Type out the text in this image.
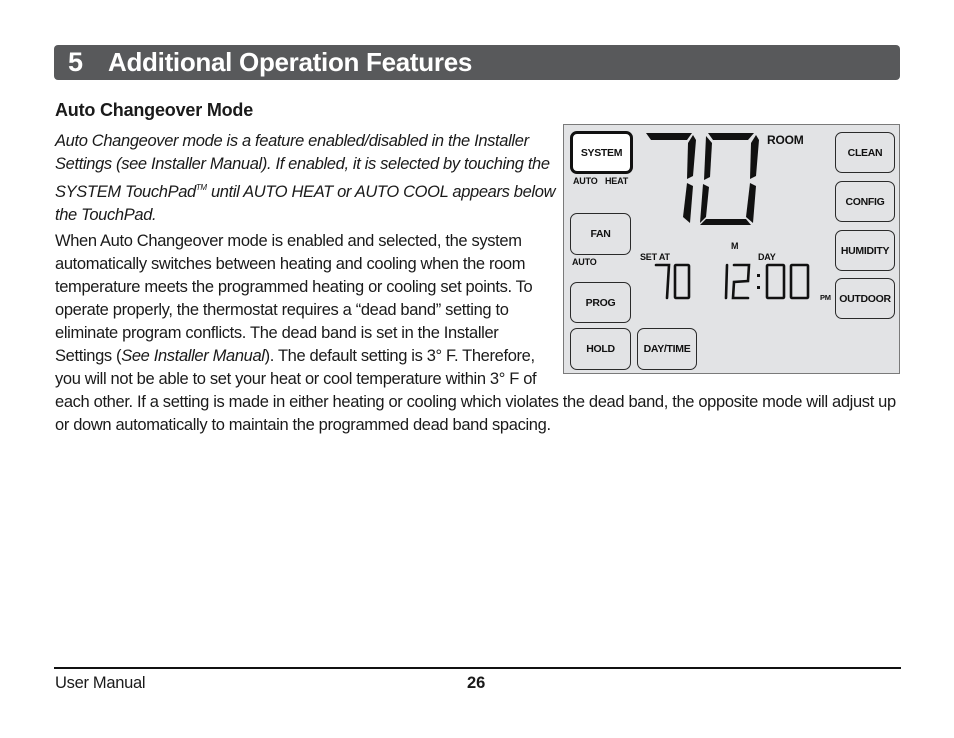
5 Additional Operation Features
Auto Changeover Mode
Auto Changeover mode is a feature enabled/disabled in the Installer Settings (see Installer Manual). If enabled, it is selected by touching the SYSTEM TouchPad™ until AUTO HEAT or AUTO COOL appears below the TouchPad.
When Auto Changeover mode is enabled and selected, the system automatically switches between heating and cooling when the room temperature meets the programmed heating or cooling set points. To operate properly, the thermostat requires a “dead band” setting to eliminate program conflicts. The dead band is set in the Installer Settings (See Installer Manual). The default setting is 3° F. Therefore, you will not be able to set your heat or cool temperature within 3° F of each other. If a setting is made in either heating or cooling which violates the dead band, the opposite mode will adjust up or down automatically to maintain the programmed dead band spacing.
SYSTEM
AUTO HEAT
FAN
AUTO
PROG
HOLD	DAY/TIME
CLEAN
CONFIG
HUMIDITY
OUTDOOR
ROOM
M
SET AT	DAY
PM
User Manual	26
